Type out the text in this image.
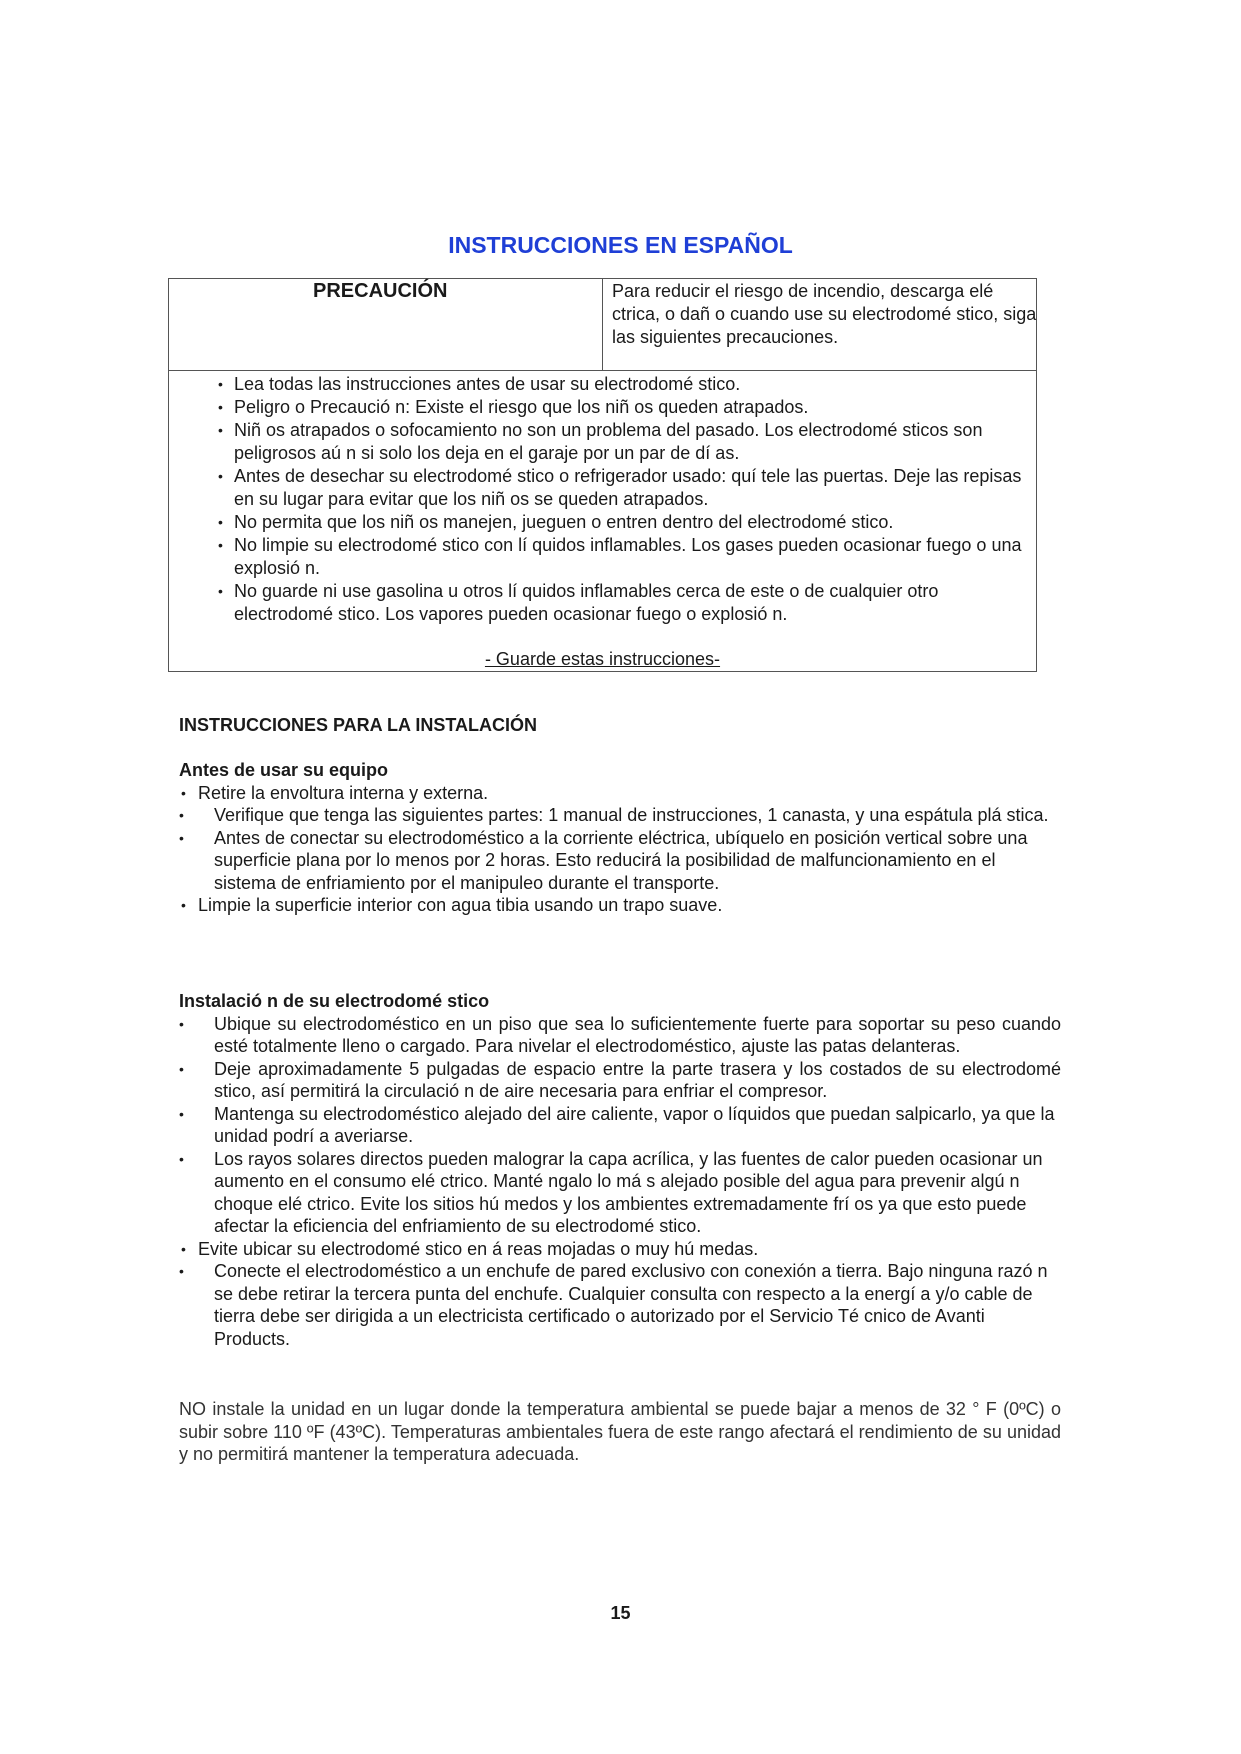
INSTRUCCIONES EN ESPAÑOL

PRECAUCIÓN	Para reducir el riesgo de incendio, descarga elé ctrica, o dañ o cuando use su electrodomé stico, siga las siguientes precauciones.

• Lea todas las instrucciones antes de usar su electrodomé stico.
• Peligro o Precaució n: Existe el riesgo que los niñ os queden atrapados.
• Niñ os atrapados o sofocamiento no son un problema del pasado. Los electrodomé sticos son peligrosos aú n si solo los deja en el garaje por un par de dí as.
• Antes de desechar su electrodomé stico o refrigerador usado: quí tele las puertas. Deje las repisas en su lugar para evitar que los niñ os se queden atrapados.
• No permita que los niñ os manejen, jueguen o entren dentro del electrodomé stico.
• No limpie su electrodomé stico con lí quidos inflamables. Los gases pueden ocasionar fuego o una explosió n.
• No guarde ni use gasolina u otros lí quidos inflamables cerca de este o de cualquier otro electrodomé stico. Los vapores pueden ocasionar fuego o explosió n.

- Guarde estas instrucciones-

INSTRUCCIONES PARA LA INSTALACIÓN

Antes de usar su equipo

• Retire la envoltura interna y externa.
• Verifique que tenga las siguientes partes: 1 manual de instrucciones, 1 canasta, y una espátula plá stica.
• Antes de conectar su electrodoméstico a la corriente eléctrica, ubíquelo en posición vertical sobre una superficie plana por lo menos por 2 horas. Esto reducirá la posibilidad de malfuncionamiento en el sistema de enfriamiento por el manipuleo durante el transporte.
• Limpie la superficie interior con agua tibia usando un trapo suave.

Instalació n de su electrodomé stico

• Ubique su electrodoméstico en un piso que sea lo suficientemente fuerte para soportar su peso cuando esté totalmente lleno o cargado. Para nivelar el electrodoméstico, ajuste las patas delanteras.
• Deje aproximadamente 5 pulgadas de espacio entre la parte trasera y los costados de su electrodomé stico, así permitirá la circulació n de aire necesaria para enfriar el compresor.
• Mantenga su electrodoméstico alejado del aire caliente, vapor o líquidos que puedan salpicarlo, ya que la unidad podrí a averiarse.
• Los rayos solares directos pueden malograr la capa acrílica, y las fuentes de calor pueden ocasionar un aumento en el consumo elé ctrico. Manté ngalo lo má s alejado posible del agua para prevenir algú n choque elé ctrico. Evite los sitios hú medos y los ambientes extremadamente frí os ya que esto puede afectar la eficiencia del enfriamiento de su electrodomé stico.
• Evite ubicar su electrodomé stico en á reas mojadas o muy hú medas.
• Conecte el electrodoméstico a un enchufe de pared exclusivo con conexión a tierra. Bajo ninguna razó n se debe retirar la tercera punta del enchufe. Cualquier consulta con respecto a la energí a y/o cable de tierra debe ser dirigida a un electricista certificado o autorizado por el Servicio Té cnico de Avanti Products.
NO instale la unidad en un lugar donde la temperatura ambiental se puede bajar a menos de 32 ° F (0ºC) o subir sobre 110 ºF (43ºC). Temperaturas ambientales fuera de este rango afectará el rendimiento de su unidad y no permitirá mantener la temperatura adecuada.

15
